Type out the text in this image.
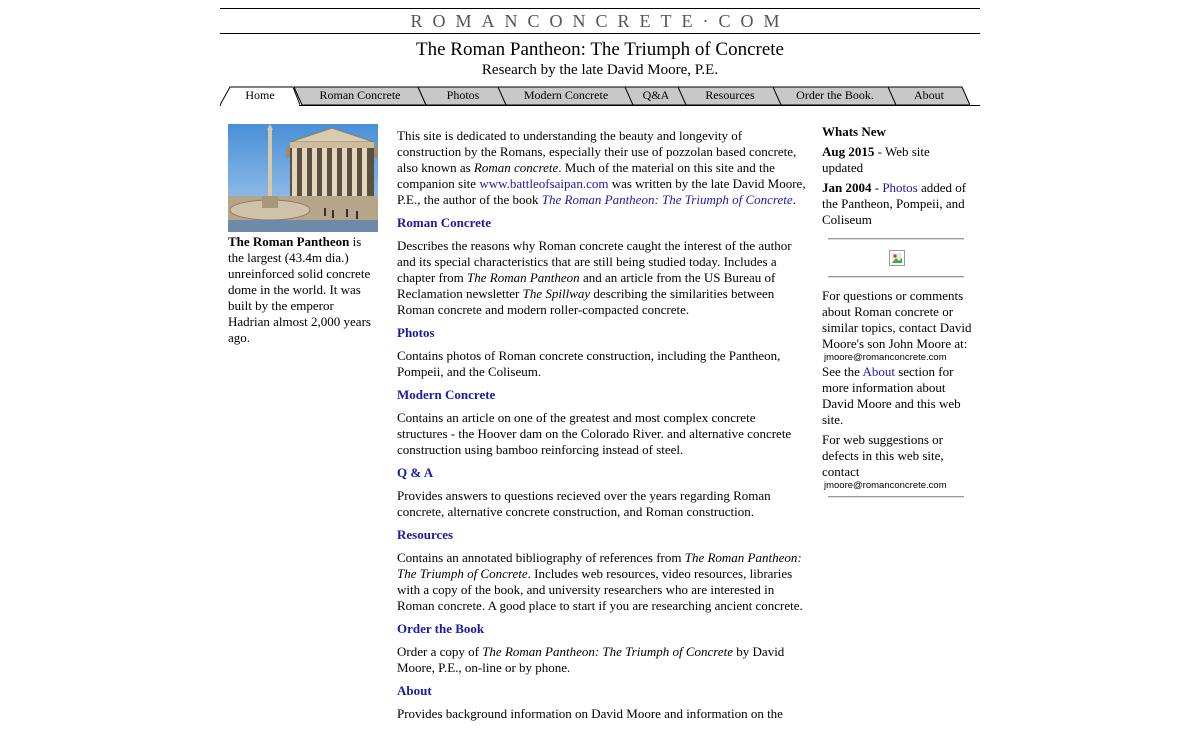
ROMANCONCRETE·COM
The Roman Pantheon: The Triumph of Concrete
Research by the late David Moore, P.E.
Home	Roman Concrete	Photos	Modern Concrete	Q&A	Resources	Order the Book.	About

The Roman Pantheon is the largest (43.4m dia.) unreinforced solid concrete dome in the world. It was built by the emperor Hadrian almost 2,000 years ago.

This site is dedicated to understanding the beauty and longevity of construction by the Romans, especially their use of pozzolan based concrete, also known as Roman concrete. Much of the material on this site and the companion site www.battleofsaipan.com was written by the late David Moore, P.E., the author of the book The Roman Pantheon: The Triumph of Concrete.

Roman Concrete

Describes the reasons why Roman concrete caught the interest of the author and its special characteristics that are still being studied today. Includes a chapter from The Roman Pantheon and an article from the US Bureau of Reclamation newsletter The Spillway describing the similarities between Roman concrete and modern roller-compacted concrete.

Photos

Contains photos of Roman concrete construction, including the Pantheon, Pompeii, and the Coliseum.

Modern Concrete

Contains an article on one of the greatest and most complex concrete structures - the Hoover dam on the Colorado River. and alternative concrete construction using bamboo reinforcing instead of steel.

Q & A

Provides answers to questions recieved over the years regarding Roman concrete, alternative concrete construction, and Roman construction.

Resources

Contains an annotated bibliography of references from The Roman Pantheon: The Triumph of Concrete. Includes web resources, video resources, libraries with a copy of the book, and university researchers who are interested in Roman concrete. A good place to start if you are researching ancient concrete.

Order the Book

Order a copy of The Roman Pantheon: The Triumph of Concrete by David Moore, P.E., on-line or by phone.

About

Provides background information on David Moore and information on the

Whats New

Aug 2015 - Web site updated

Jan 2004 - Photos added of the Pantheon, Pompeii, and Coliseum

For questions or comments about Roman concrete or similar topics, contact David Moore's son John Moore at:

jmoore@romanconcrete.com

See the About section for more information about David Moore and this web site.

For web suggestions or defects in this web site, contact

jmoore@romanconcrete.com
